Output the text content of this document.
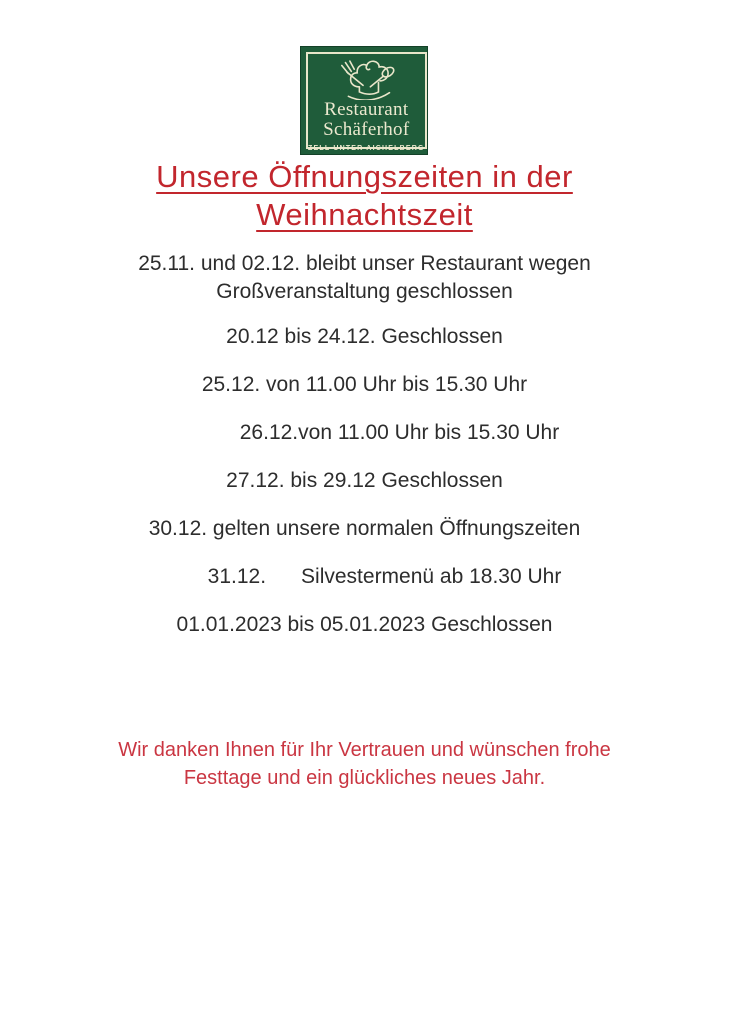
Restaurant
Schäferhof
ZELL UNTER AICHELBERG
Unsere Öffnungszeiten in der
Weihnachtszeit
25.11. und 02.12. bleibt unser Restaurant wegen
Großveranstaltung geschlossen
20.12 bis 24.12. Geschlossen
25.12. von 11.00 Uhr bis 15.30 Uhr
26.12.von 11.00 Uhr bis 15.30 Uhr
27.12. bis 29.12 Geschlossen
30.12. gelten unsere normalen Öffnungszeiten
31.12.      Silvestermenü ab 18.30 Uhr
01.01.2023 bis 05.01.2023 Geschlossen
Wir danken Ihnen für Ihr Vertrauen und wünschen frohe
Festtage und ein glückliches neues Jahr.
